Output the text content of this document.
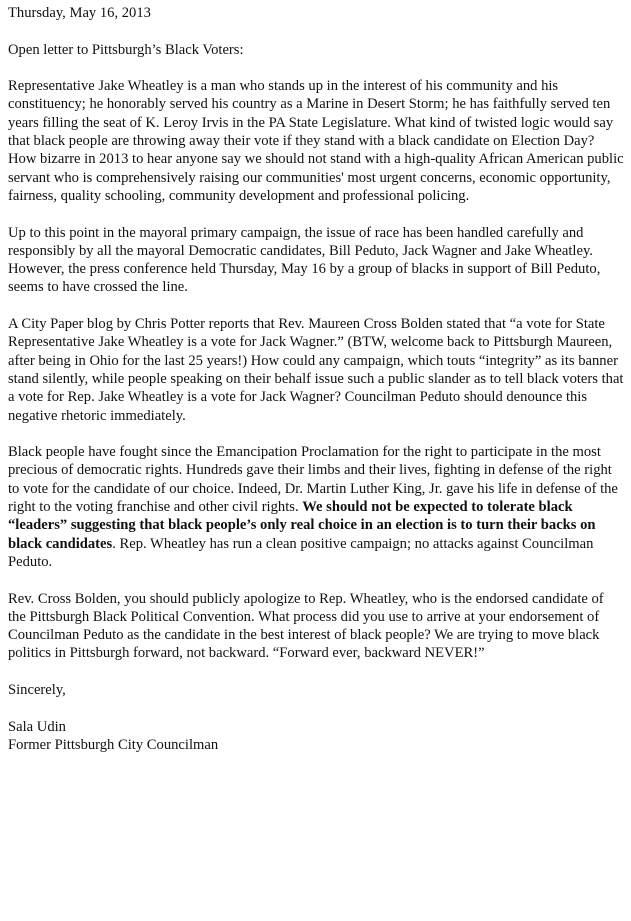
Thursday, May 16, 2013

Open letter to Pittsburgh’s Black Voters:

Representative Jake Wheatley is a man who stands up in the interest of his community and his constituency; he honorably served his country as a Marine in Desert Storm; he has faithfully served ten years filling the seat of K. Leroy Irvis in the PA State Legislature. What kind of twisted logic would say that black people are throwing away their vote if they stand with a black candidate on Election Day? How bizarre in 2013 to hear anyone say we should not stand with a high-quality African American public servant who is comprehensively raising our communities' most urgent concerns, economic opportunity, fairness, quality schooling, community development and professional policing.

Up to this point in the mayoral primary campaign, the issue of race has been handled carefully and responsibly by all the mayoral Democratic candidates, Bill Peduto, Jack Wagner and Jake Wheatley. However, the press conference held Thursday, May 16 by a group of blacks in support of Bill Peduto, seems to have crossed the line.

A City Paper blog by Chris Potter reports that Rev. Maureen Cross Bolden stated that “a vote for State Representative Jake Wheatley is a vote for Jack Wagner.” (BTW, welcome back to Pittsburgh Maureen, after being in Ohio for the last 25 years!) How could any campaign, which touts “integrity” as its banner stand silently, while people speaking on their behalf issue such a public slander as to tell black voters that a vote for Rep. Jake Wheatley is a vote for Jack Wagner? Councilman Peduto should denounce this negative rhetoric immediately.

Black people have fought since the Emancipation Proclamation for the right to participate in the most precious of democratic rights. Hundreds gave their limbs and their lives, fighting in defense of the right to vote for the candidate of our choice. Indeed, Dr. Martin Luther King, Jr. gave his life in defense of the right to the voting franchise and other civil rights. We should not be expected to tolerate black “leaders” suggesting that black people’s only real choice in an election is to turn their backs on black candidates. Rep. Wheatley has run a clean positive campaign; no attacks against Councilman Peduto.

Rev. Cross Bolden, you should publicly apologize to Rep. Wheatley, who is the endorsed candidate of the Pittsburgh Black Political Convention. What process did you use to arrive at your endorsement of Councilman Peduto as the candidate in the best interest of black people? We are trying to move black politics in Pittsburgh forward, not backward. “Forward ever, backward NEVER!”

Sincerely,

Sala Udin

Former Pittsburgh City Councilman
